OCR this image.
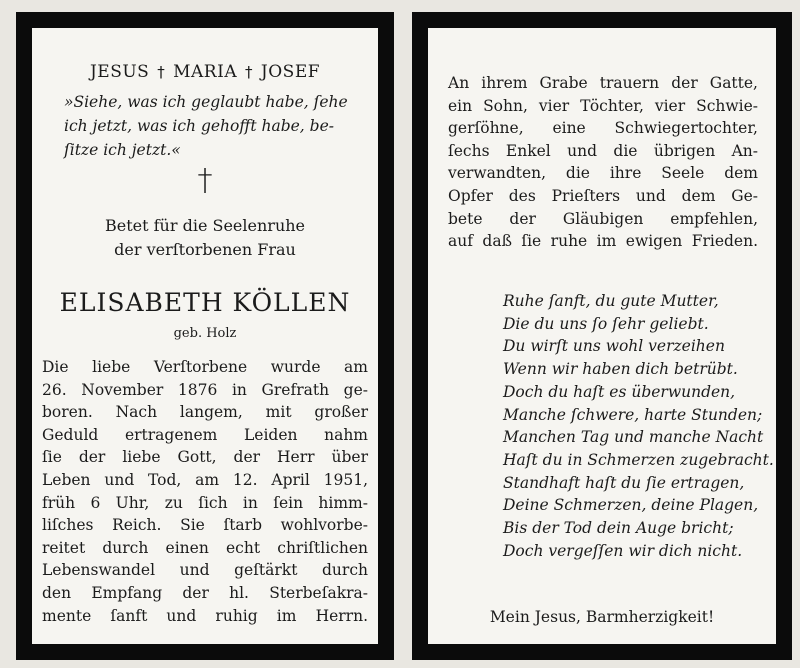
JESUS † MARIA † JOSEF
»Siehe, was ich geglaubt habe, ſehe
ich jetzt, was ich gehofft habe, be-
ſitze ich jetzt.«
†
Betet für die Seelenruhe
der verſtorbenen Frau
ELISABETH KÖLLEN
geb. Holz
Die liebe Verſtorbene wurde am
26. November 1876 in Grefrath ge-
boren. Nach langem, mit großer
Geduld ertragenem Leiden nahm
ſie der liebe Gott, der Herr über
Leben und Tod, am 12. April 1951,
früh 6 Uhr, zu ſich in ſein himm-
liſches Reich. Sie ſtarb wohlvorbe-
reitet durch einen echt chriſtlichen
Lebenswandel und geſtärkt durch
den Empfang der hl. Sterbeſakra-
mente ſanft und ruhig im Herrn.
An ihrem Grabe trauern der Gatte,
ein Sohn, vier Töchter, vier Schwie-
gerſöhne, eine Schwiegertochter,
ſechs Enkel und die übrigen An-
verwandten, die ihre Seele dem
Opfer des Prieſters und dem Ge-
bete der Gläubigen empfehlen,
auf daß ſie ruhe im ewigen Frieden.
Ruhe ſanft, du gute Mutter,
Die du uns ſo ſehr geliebt.
Du wirſt uns wohl verzeihen
Wenn wir haben dich betrübt.
Doch du haſt es überwunden,
Manche ſchwere, harte Stunden;
Manchen Tag und manche Nacht
Haſt du in Schmerzen zugebracht.
Standhaft haſt du ſie ertragen,
Deine Schmerzen, deine Plagen,
Bis der Tod dein Auge bricht;
Doch vergeſſen wir dich nicht.
Mein Jesus, Barmherzigkeit!
